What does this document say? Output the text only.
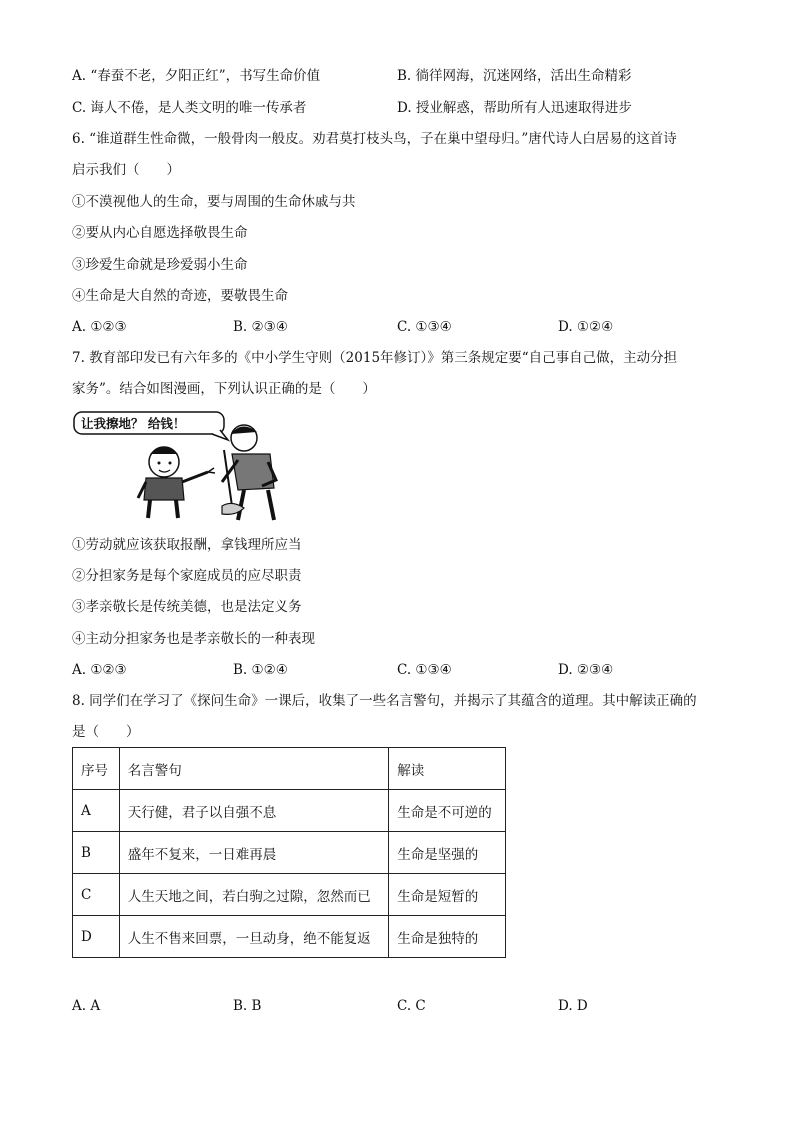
A. “春蚕不老，夕阳正红”，书写生命价值	B. 徜徉网海，沉迷网络，活出生命精彩
C. 诲人不倦，是人类文明的唯一传承者	D. 授业解惑，帮助所有人迅速取得进步
6. “谁道群生性命微，一般骨肉一般皮。劝君莫打枝头鸟，子在巢中望母归。”唐代诗人白居易的这首诗
启示我们（　　）
①不漠视他人的生命，要与周围的生命休戚与共
②要从内心自愿选择敬畏生命
③珍爱生命就是珍爱弱小生命
④生命是大自然的奇迹，要敬畏生命
A. ①②③	B. ②③④	C. ①③④	D. ①②④
7. 教育部印发已有六年多的《中小学生守则（2015年修订）》第三条规定要“自己事自己做，主动分担
家务”。结合如图漫画，下列认识正确的是（　　）
让我擦地？ 给钱！
①劳动就应该获取报酬，拿钱理所应当
②分担家务是每个家庭成员的应尽职责
③孝亲敬长是传统美德，也是法定义务
④主动分担家务也是孝亲敬长的一种表现
A. ①②③	B. ①②④	C. ①③④	D. ②③④
8. 同学们在学习了《探问生命》一课后，收集了一些名言警句，并揭示了其蕴含的道理。其中解读正确的
是（　　）
序号	名言警句	解读
A	天行健，君子以自强不息	生命是不可逆的
B	盛年不复来，一日难再晨	生命是坚强的
C	人生天地之间，若白驹之过隙，忽然而已	生命是短暂的
D	人生不售来回票，一旦动身，绝不能复返	生命是独特的
A. A	B. B	C. C	D. D
